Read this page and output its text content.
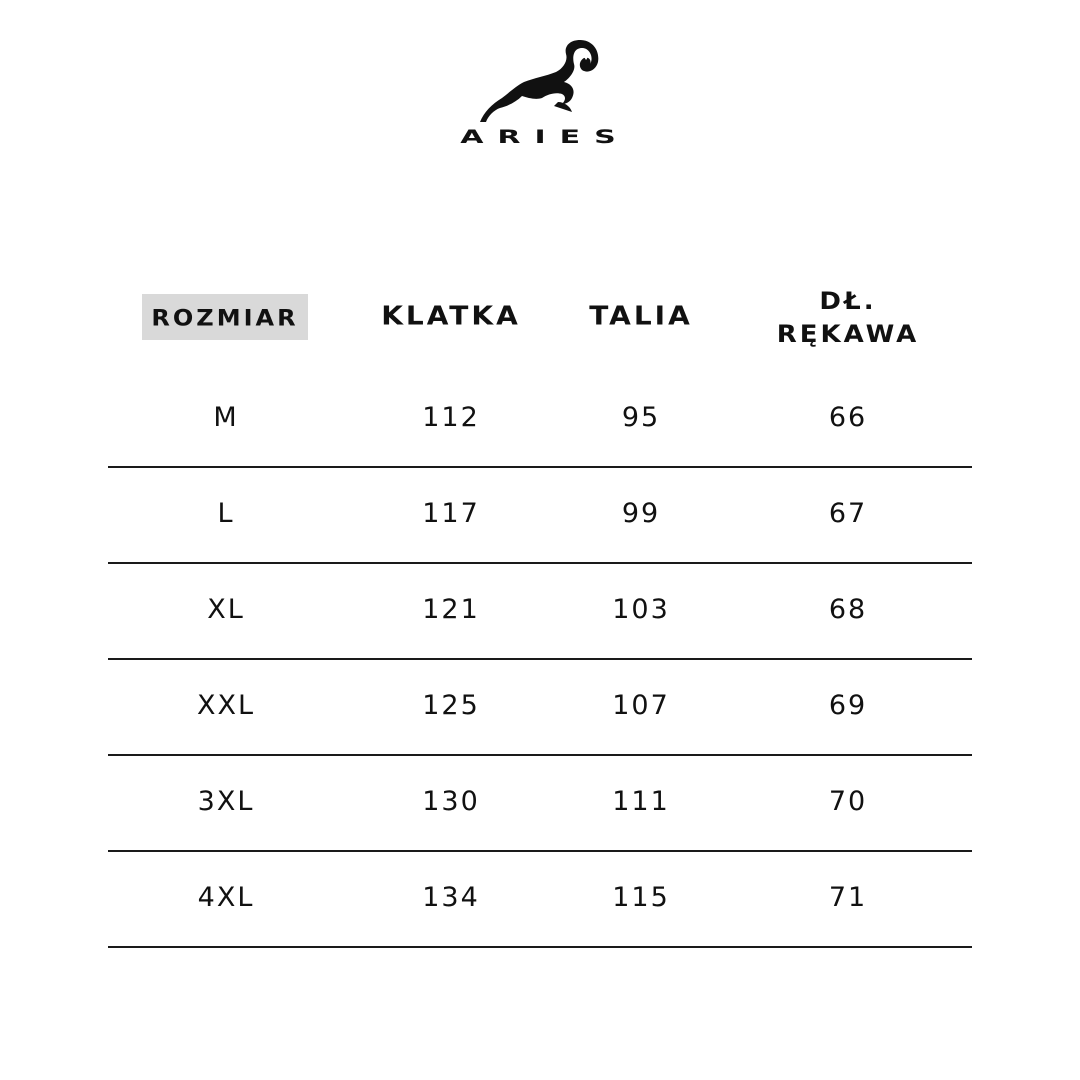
ARIES
ROZMIAR	KLATKA	TALIA	DŁ.
RĘKAWA
M	112	95	66
L	117	99	67
XL	121	103	68
XXL	125	107	69
3XL	130	111	70
4XL	134	115	71
